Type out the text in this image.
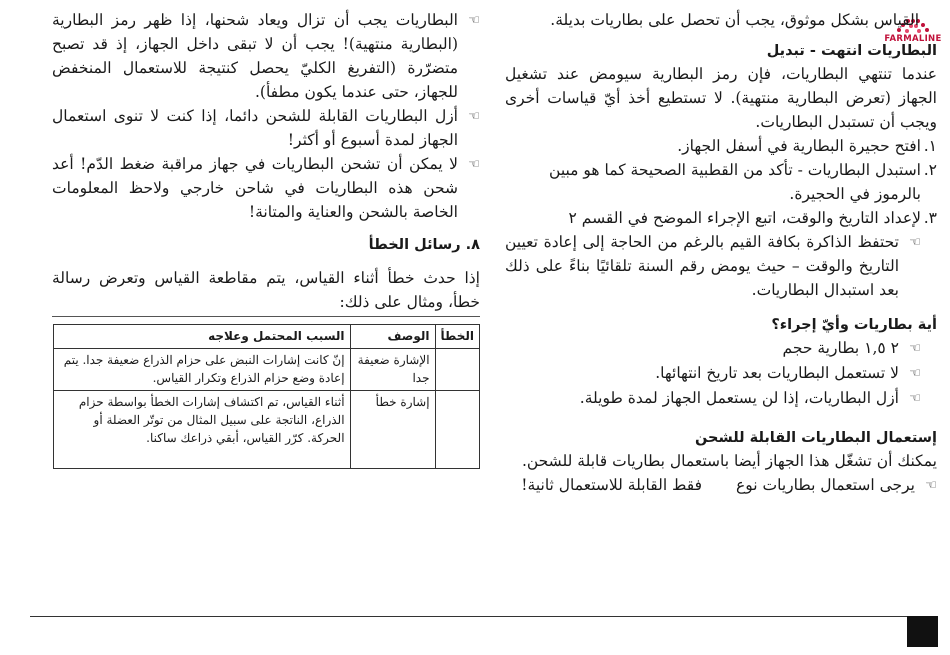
FARMALINE

القياس بشكل موثوق، يجب أن تحصل على بطاريات بديلة.

البطاريات انتهت - تبديل

عندما تنتهي البطاريات، فإن رمز البطارية سيومض عند تشغيل الجهاز (تعرض البطارية منتهية). لا تستطيع أخذ أيّ قياسات أخرى ويجب أن تستبدل البطاريات.

١.
افتح حجيرة البطارية في أسفل الجهاز.
٢.
استبدل البطاريات - تأكد من القطبية الصحيحة كما هو مبين بالرموز في الحجيرة.
٣.
لإعداد التاريخ والوقت، اتبع الإجراء الموضح في القسم ٢
☜
تحتفظ الذاكرة بكافة القيم بالرغم من الحاجة إلى إعادة تعيين التاريخ والوقت – حيث يومض رقم السنة تلقائيًا بناءً على ذلك بعد استبدال البطاريات.

أية بطاريات وأيّ إجراء؟

☜
٢ ١,٥ بطارية حجم
☜
لا تستعمل البطاريات بعد تاريخ انتهائها.
☜
أزل البطاريات، إذا لن يستعمل الجهاز لمدة طويلة.

إستعمال البطاريات القابلة للشحن

يمكنك أن تشغّل هذا الجهاز أيضا باستعمال بطاريات قابلة للشحن.

☜
يرجى استعمال بطاريات نوعفقط القابلة للاستعمال ثانية!
☜
البطاريات يجب أن تزال ويعاد شحنها، إذا ظهر رمز البطارية (البطارية منتهية)! يجب أن لا تبقى داخل الجهاز، إذ قد تصبح متضرّرة (التفريغ الكليّ يحصل كنتيجة للاستعمال المنخفض للجهاز، حتى عندما يكون مطفأ).
☜
أزل البطاريات القابلة للشحن دائما، إذا كنت لا تنوى استعمال الجهاز لمدة أسبوع أو أكثر!
☜
لا يمكن أن تشحن البطاريات في جهاز مراقبة ضغط الدّم! أعد شحن هذه البطاريات في شاحن خارجي ولاحظ المعلومات الخاصة بالشحن والعناية والمتانة!

٨. رسائل الخطأ

إذا حدث خطأ أثناء القياس، يتم مقاطعة القياس وتعرض رسالة خطأ، ومثال على ذلك:

الخطأ	الوصف	السبب المحتمل وعلاجه
	الإشارة ضعيفة جدا	إنّ كانت إشارات النبض على حزام الذراع ضعيفة جدا. يتم إعادة وضع حزام الذراع وتكرار القياس.
	إشارة خطأ	أثناء القياس، تم اكتشاف إشارات الخطأ بواسطة حزام الذراع، الناتجة على سبيل المثال من توتّر العضلة أو الحركة. كرّر القياس، أبقي ذراعك ساكنا.
